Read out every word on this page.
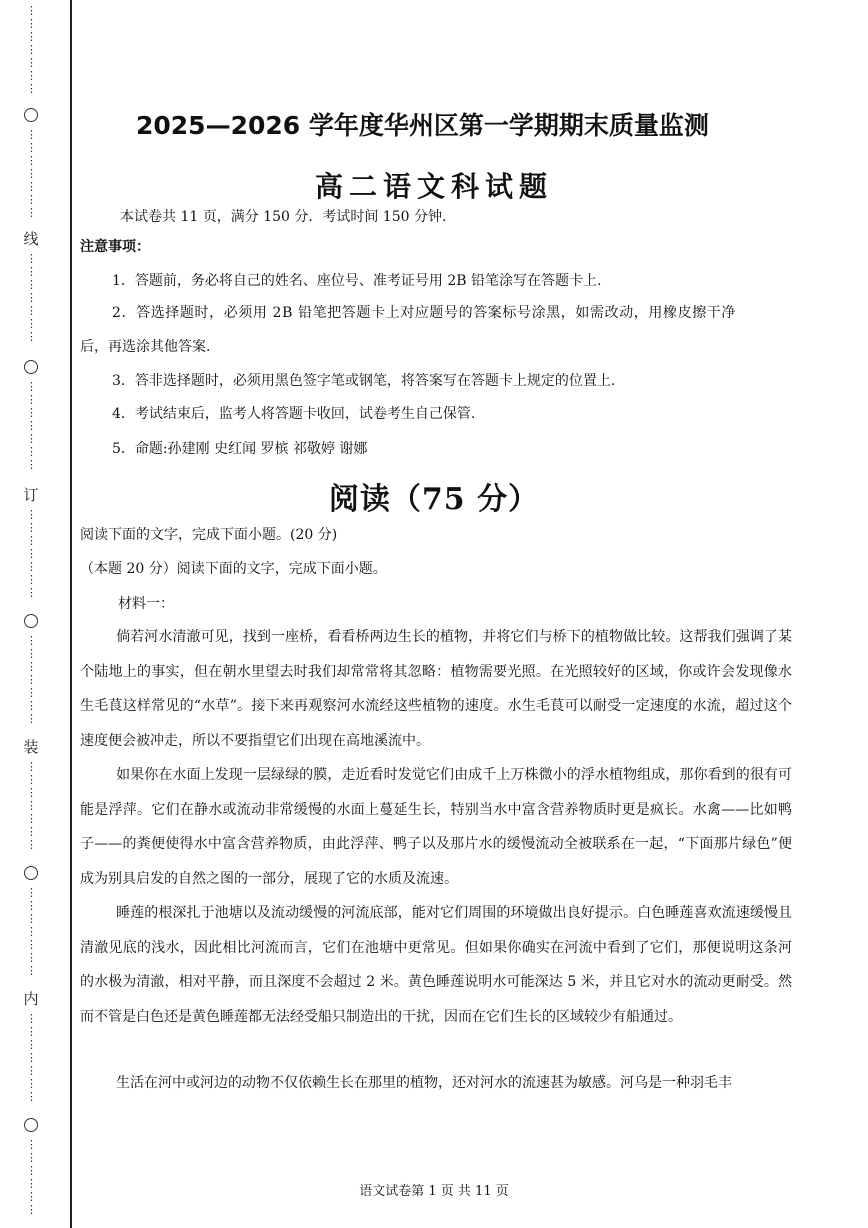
⋮
⋮
⋮
⋮
⋮
⋮
⋮
⋮
⋮
⋮
⋮
⋮
⋮
⋮
线
⋮
⋮
⋮
⋮
⋮
⋮
⋮
⋮
⋮
⋮
⋮
⋮
⋮
⋮
订
⋮
⋮
⋮
⋮
⋮
⋮
⋮
⋮
⋮
⋮
⋮
⋮
⋮
⋮
装
⋮
⋮
⋮
⋮
⋮
⋮
⋮
⋮
⋮
⋮
⋮
⋮
⋮
⋮
内
⋮
⋮
⋮
⋮
⋮
⋮
⋮
⋮
⋮
⋮
⋮
⋮
⋮
2025—2026 学年度华州区第一学期期末质量监测
高二语文科试题
本试卷共 11 页，满分 150 分．考试时间 150 分钟．
注意事项：
1．答题前，务必将自己的姓名、座位号、准考证号用 2B 铅笔涂写在答题卡上.
2．答选择题时，必须用 2B 铅笔把答题卡上对应题号的答案标号涂黑，如需改动，用橡皮擦干净
后，再选涂其他答案.
3．答非选择题时，必须用黑色签字笔或钢笔，将答案写在答题卡上规定的位置上.
4．考试结束后，监考人将答题卡收回，试卷考生自己保管.
5．命题:孙建刚 史红闻 罗槟 祁敬婷 谢娜
阅读（75 分）
阅读下面的文字，完成下面小题。(20 分)
（本题 20 分）阅读下面的文字，完成下面小题。
材料一：
倘若河水清澈可见，找到一座桥，看看桥两边生长的植物，并将它们与桥下的植物做比较。这帮我们强调了某个陆地上的事实，但在朝水里望去时我们却常常将其忽略：植物需要光照。在光照较好的区域，你或许会发现像水生毛茛这样常见的“水草”。接下来再观察河水流经这些植物的速度。水生毛茛可以耐受一定速度的水流，超过这个速度便会被冲走，所以不要指望它们出现在高地溪流中。
如果你在水面上发现一层绿绿的膜，走近看时发觉它们由成千上万株微小的浮水植物组成，那你看到的很有可能是浮萍。它们在静水或流动非常缓慢的水面上蔓延生长，特别当水中富含营养物质时更是疯长。水禽——比如鸭子——的粪便使得水中富含营养物质，由此浮萍、鸭子以及那片水的缓慢流动全被联系在一起，“下面那片绿色”便成为别具启发的自然之图的一部分，展现了它的水质及流速。
睡莲的根深扎于池塘以及流动缓慢的河流底部，能对它们周围的环境做出良好提示。白色睡莲喜欢流速缓慢且清澈见底的浅水，因此相比河流而言，它们在池塘中更常见。但如果你确实在河流中看到了它们，那便说明这条河的水极为清澈，相对平静，而且深度不会超过 2 米。黄色睡莲说明水可能深达 5 米，并且它对水的流动更耐受。然而不管是白色还是黄色睡莲都无法经受船只制造出的干扰，因而在它们生长的区域较少有船通过。
生活在河中或河边的动物不仅依赖生长在那里的植物，还对河水的流速甚为敏感。河乌是一种羽毛丰
语文试卷第 1 页 共 11 页
